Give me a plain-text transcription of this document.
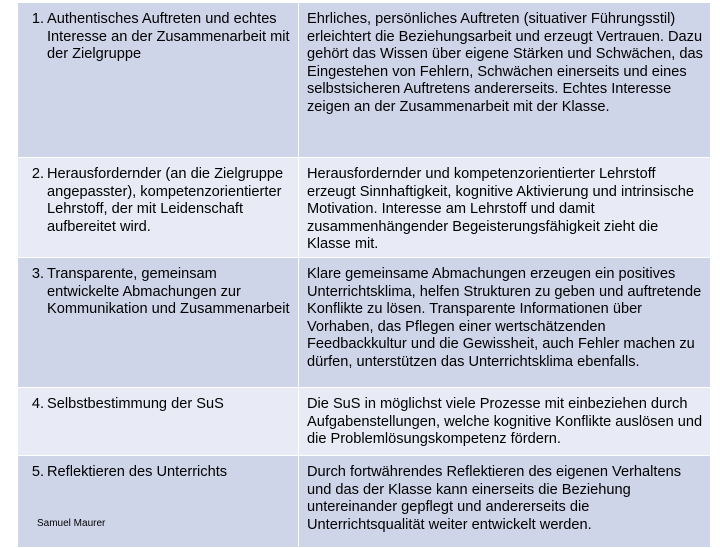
1. Authentisches Auftreten und echtes Interesse an der Zusammenarbeit mit der Zielgruppe	Ehrliches, persönliches Auftreten (situativer Führungsstil) erleichtert die Beziehungsarbeit und erzeugt Vertrauen. Dazu gehört das Wissen über eigene Stärken und Schwächen, das Eingestehen von Fehlern, Schwächen einerseits und eines selbstsicheren Auftretens andererseits. Echtes Interesse zeigen an der Zusammenarbeit mit der Klasse.

2. Herausfordernder (an die Zielgruppe angepasster), kompetenzorientierter Lehrstoff, der mit Leidenschaft aufbereitet wird.	Herausfordernder und kompetenzorientierter Lehrstoff erzeugt Sinnhaftigkeit, kognitive Aktivierung und intrinsische Motivation. Interesse am Lehrstoff und damit zusammenhängender Begeisterungsfähigkeit zieht die Klasse mit.

3. Transparente, gemeinsam entwickelte Abmachungen zur Kommunikation und Zusammenarbeit	Klare gemeinsame Abmachungen erzeugen ein positives Unterrichtsklima, helfen Strukturen zu geben und auftretende Konflikte zu lösen. Transparente Informationen über Vorhaben, das Pflegen einer wertschätzenden Feedbackkultur und die Gewissheit, auch Fehler machen zu dürfen, unterstützen das Unterrichtsklima ebenfalls.

4. Selbstbestimmung der SuS	Die SuS in möglichst viele Prozesse mit einbeziehen durch Aufgabenstellungen, welche kognitive Konflikte auslösen und die Problemlösungskompetenz fördern.

5. Reflektieren des Unterrichts	Durch fortwährendes Reflektieren des eigenen Verhaltens und das der Klasse kann einerseits die Beziehung untereinander gepflegt und andererseits die Unterrichtsqualität weiter entwickelt werden.
Samuel Maurer
